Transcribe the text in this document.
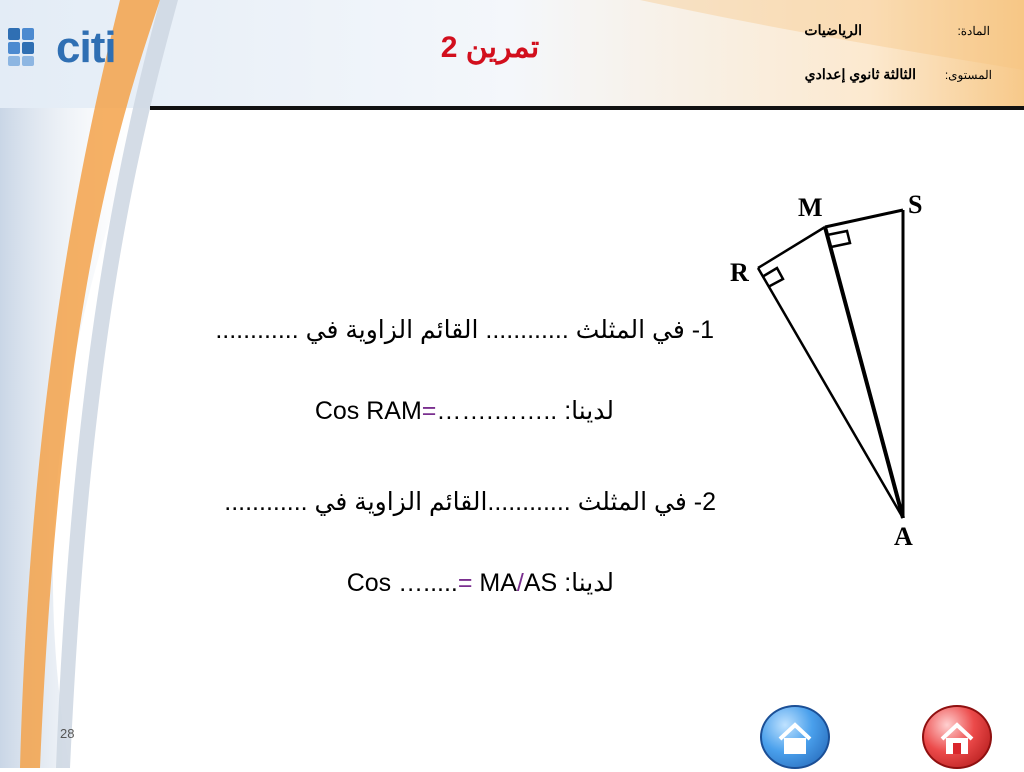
citi	تمرين 2	المادة:
الرياضيات
المستوى:
الثالثة ثانوي إعدادي
1- في المثلث ............ القائم الزاوية في ............
Cos RAM=…….…….. لدينا:
2- في المثلث ............القائم الزاوية في ............
Cos ….....= MA/AS لدينا:
M	S
R
A
28
